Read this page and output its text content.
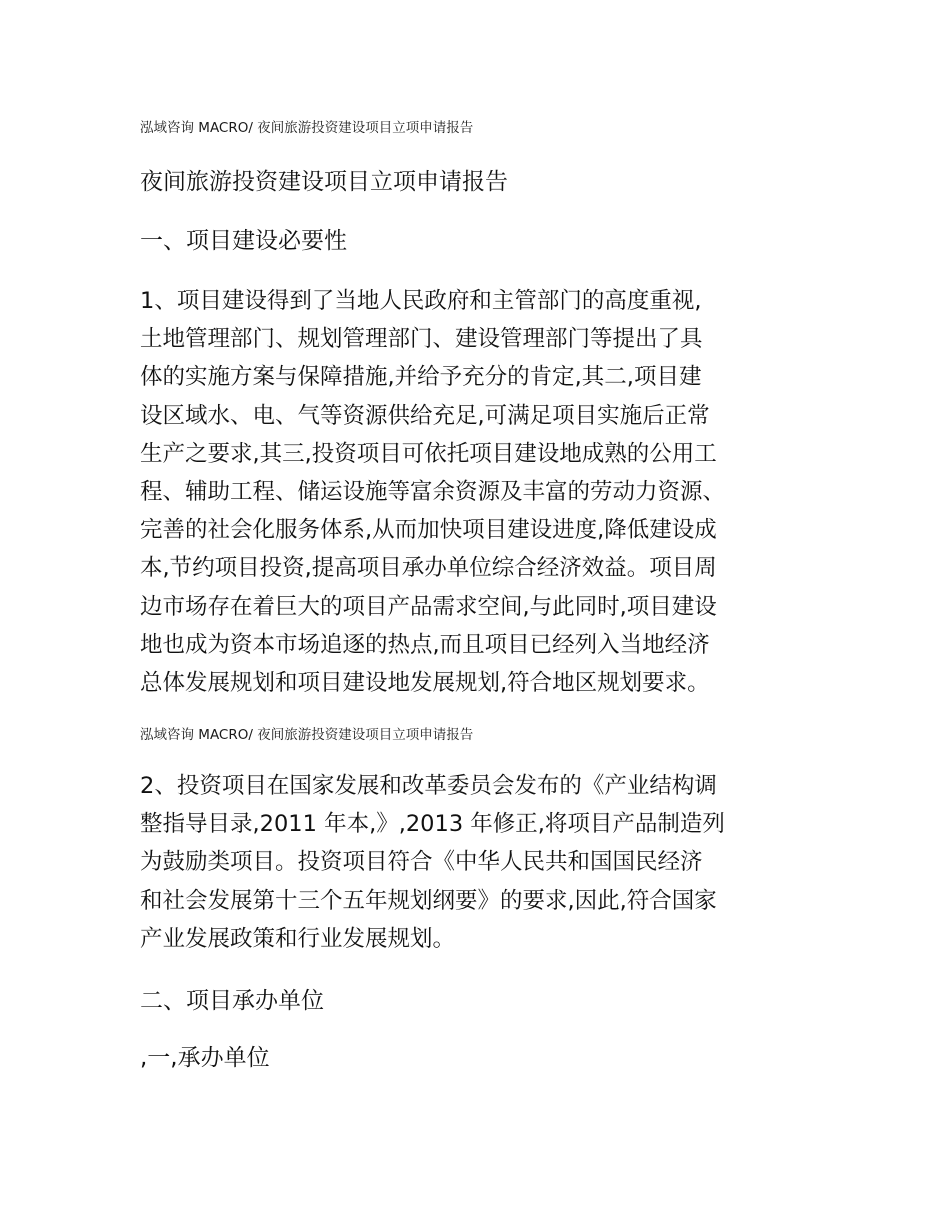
泓域咨询 MACRO/ 夜间旅游投资建设项目立项申请报告
夜间旅游投资建设项目立项申请报告
一、项目建设必要性
1、项目建设得到了当地人民政府和主管部门的高度重视,
土地管理部门、规划管理部门、建设管理部门等提出了具
体的实施方案与保障措施,并给予充分的肯定,其二,项目建
设区域水、电、气等资源供给充足,可满足项目实施后正常
生产之要求,其三,投资项目可依托项目建设地成熟的公用工
程、辅助工程、储运设施等富余资源及丰富的劳动力资源、
完善的社会化服务体系,从而加快项目建设进度,降低建设成
本,节约项目投资,提高项目承办单位综合经济效益。项目周
边市场存在着巨大的项目产品需求空间,与此同时,项目建设
地也成为资本市场追逐的热点,而且项目已经列入当地经济
总体发展规划和项目建设地发展规划,符合地区规划要求。
泓域咨询 MACRO/ 夜间旅游投资建设项目立项申请报告
2、投资项目在国家发展和改革委员会发布的《产业结构调
整指导目录,2011 年本,》,2013 年修正,将项目产品制造列
为鼓励类项目。投资项目符合《中华人民共和国国民经济
和社会发展第十三个五年规划纲要》的要求,因此,符合国家
产业发展政策和行业发展规划。
二、项目承办单位
,一,承办单位
